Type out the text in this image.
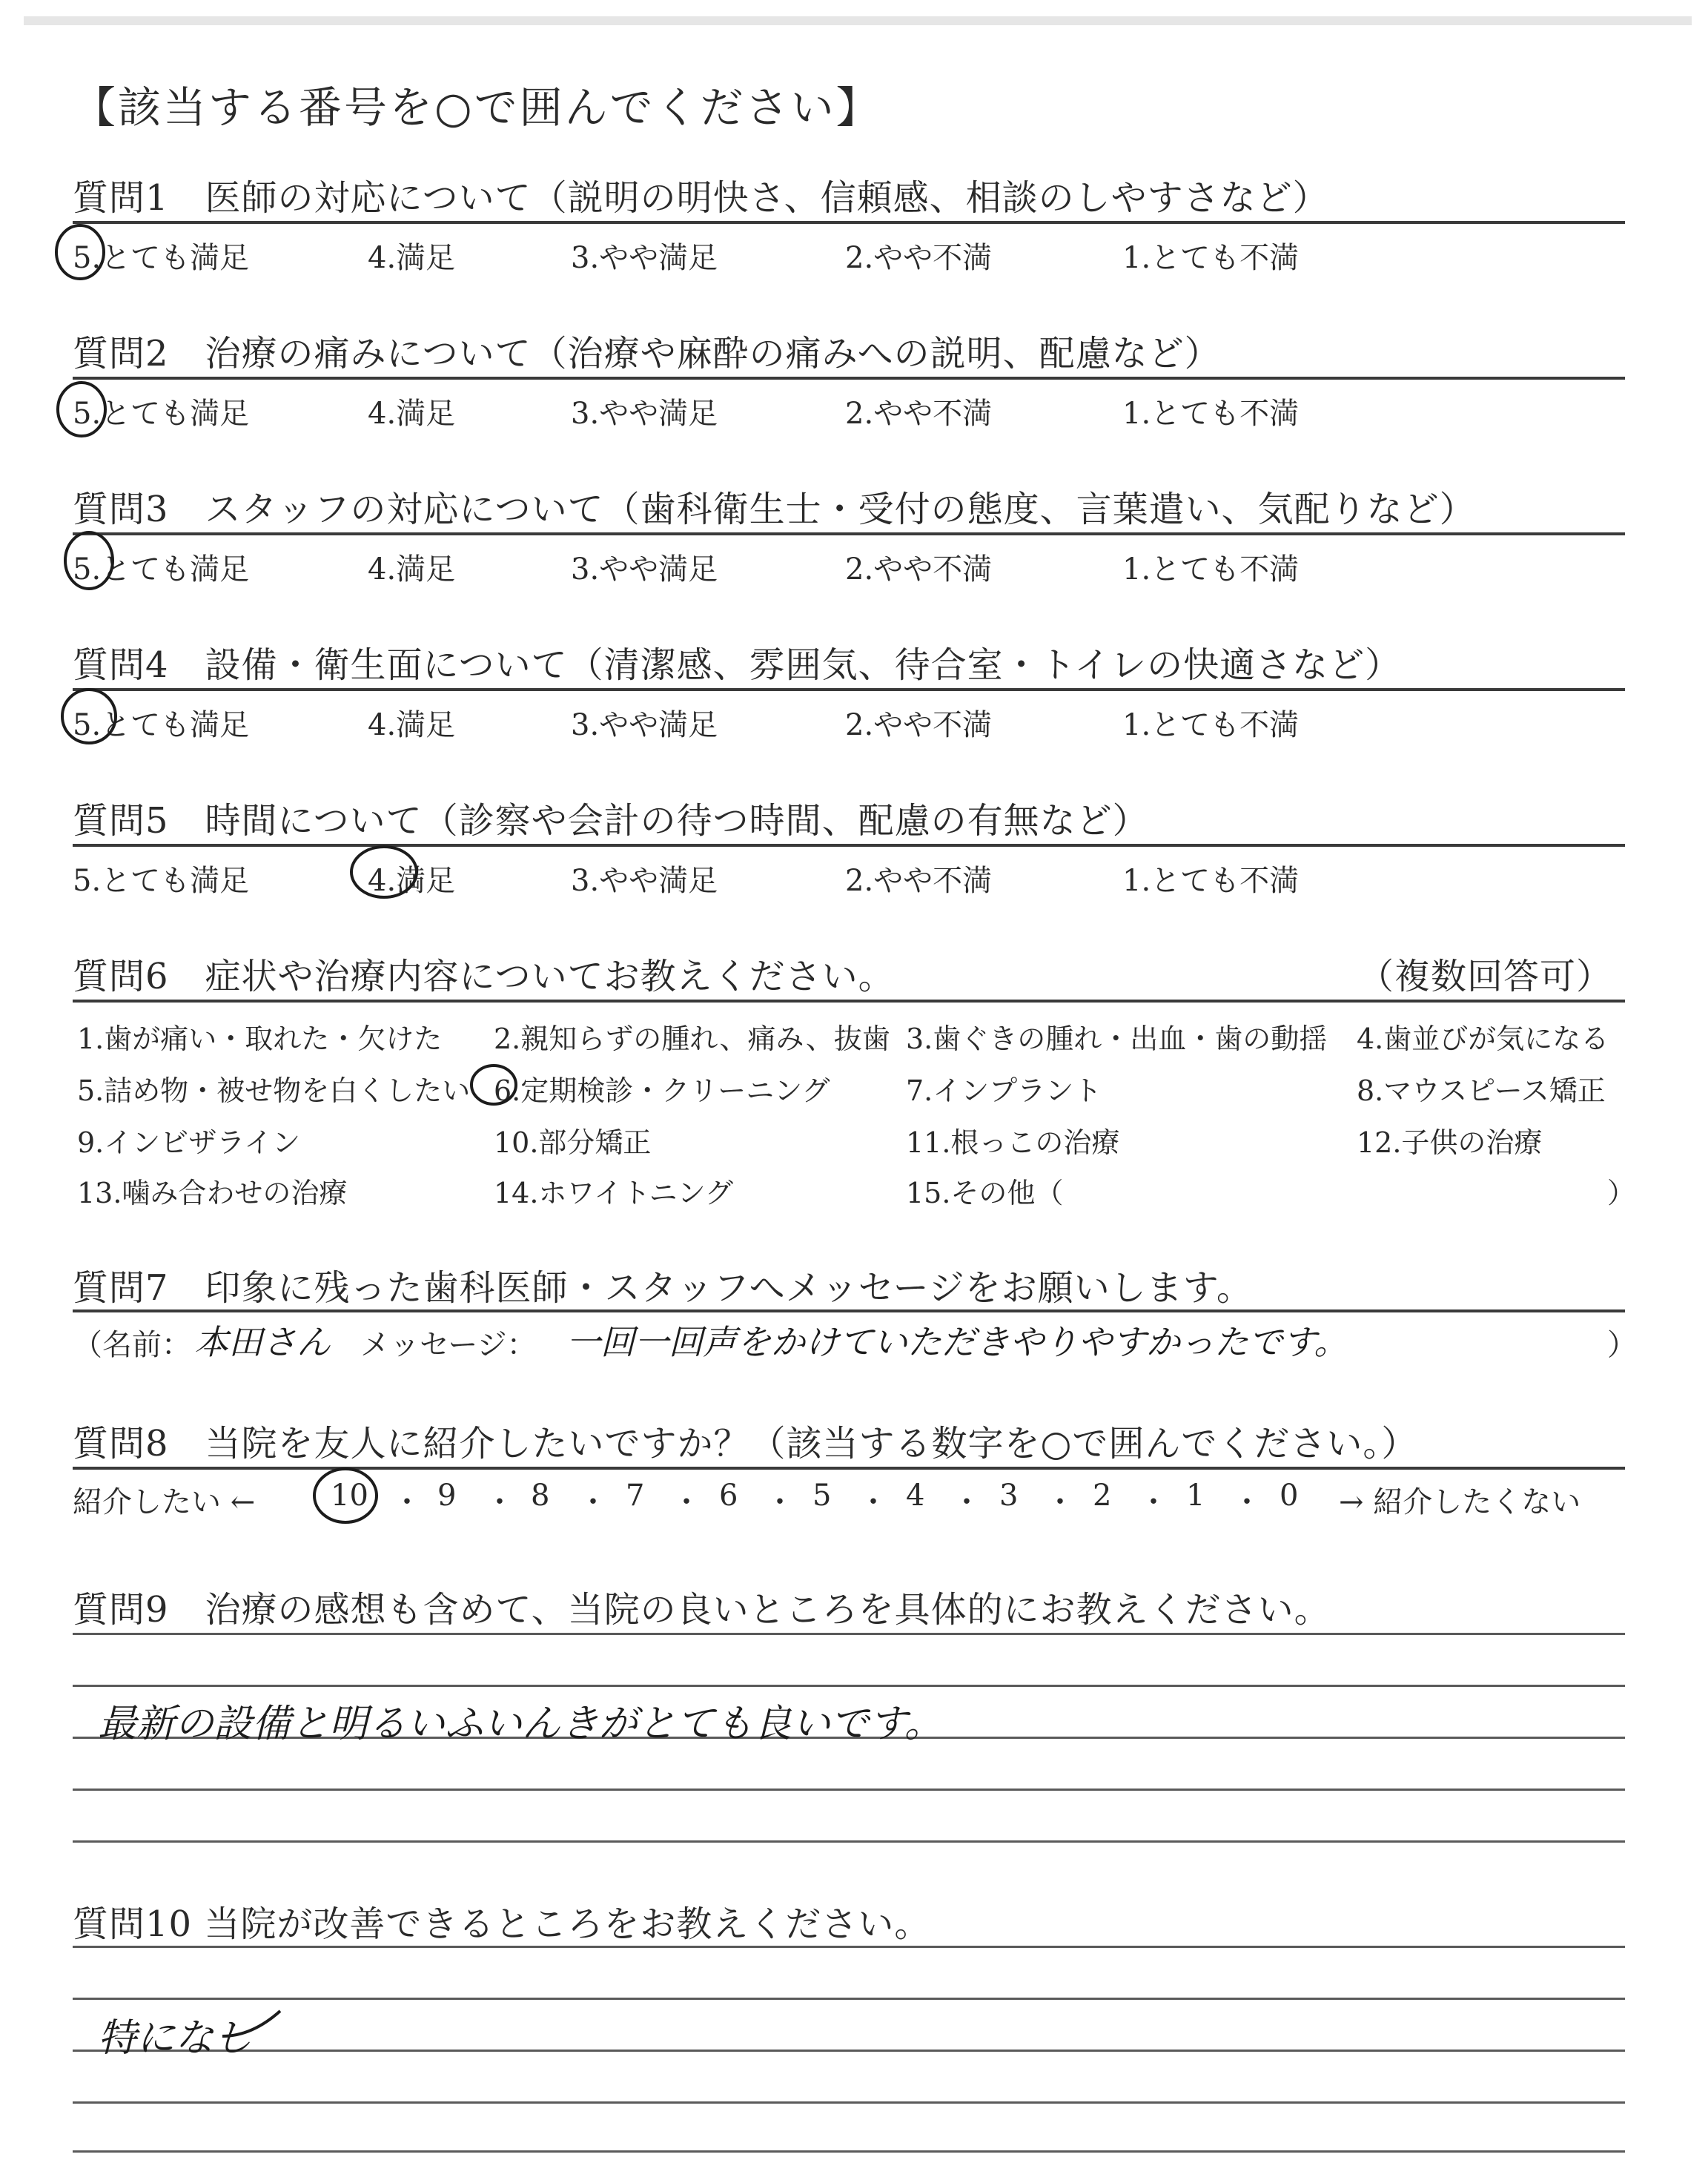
【該当する番号を○で囲んでください】
質問1　医師の対応について（説明の明快さ、信頼感、相談のしやすさなど）
5.とても満足	4.満足	3.やや満足	2.やや不満	1.とても不満
質問2　治療の痛みについて（治療や麻酔の痛みへの説明、配慮など）
5.とても満足	4.満足	3.やや満足	2.やや不満	1.とても不満
質問3　スタッフの対応について（歯科衛生士・受付の態度、言葉遣い、気配りなど）
5.とても満足	4.満足	3.やや満足	2.やや不満	1.とても不満
質問4　設備・衛生面について（清潔感、雰囲気、待合室・トイレの快適さなど）
5.とても満足	4.満足	3.やや満足	2.やや不満	1.とても不満
質問5　時間について（診察や会計の待つ時間、配慮の有無など）
5.とても満足	4.満足	3.やや満足	2.やや不満	1.とても不満
質問6　症状や治療内容についてお教えください。	（複数回答可）
1.歯が痛い・取れた・欠けた 2.親知らずの腫れ、痛み、抜歯 3.歯ぐきの腫れ・出血・歯の動揺 4.歯並びが気になる
5.詰め物・被せ物を白くしたい 6.定期検診・クリーニング	7.インプラント	8.マウスピース矯正
9.インビザライン	10.部分矯正	11.根っこの治療	12.子供の治療
13.噛み合わせの治療	14.ホワイトニング	15.その他（	）
質問7　印象に残った歯科医師・スタッフへメッセージをお願いします。
（名前： 本田さん メッセージ： 一回一回声をかけていただきやりやすかったです。	）
質問8　当院を友人に紹介したいですか？（該当する数字を○で囲んでください。）
紹介したい ←	→ 紹介したくない
10 ・ 9 ・ 8 ・ 7 ・ 6 ・ 5 ・ 4 ・ 3 ・ 2 ・ 1 ・ 0
質問9　治療の感想も含めて、当院の良いところを具体的にお教えください。
最新の設備と明るいふいんきがとても良いです。
質問10 当院が改善できるところをお教えください。
特になし
